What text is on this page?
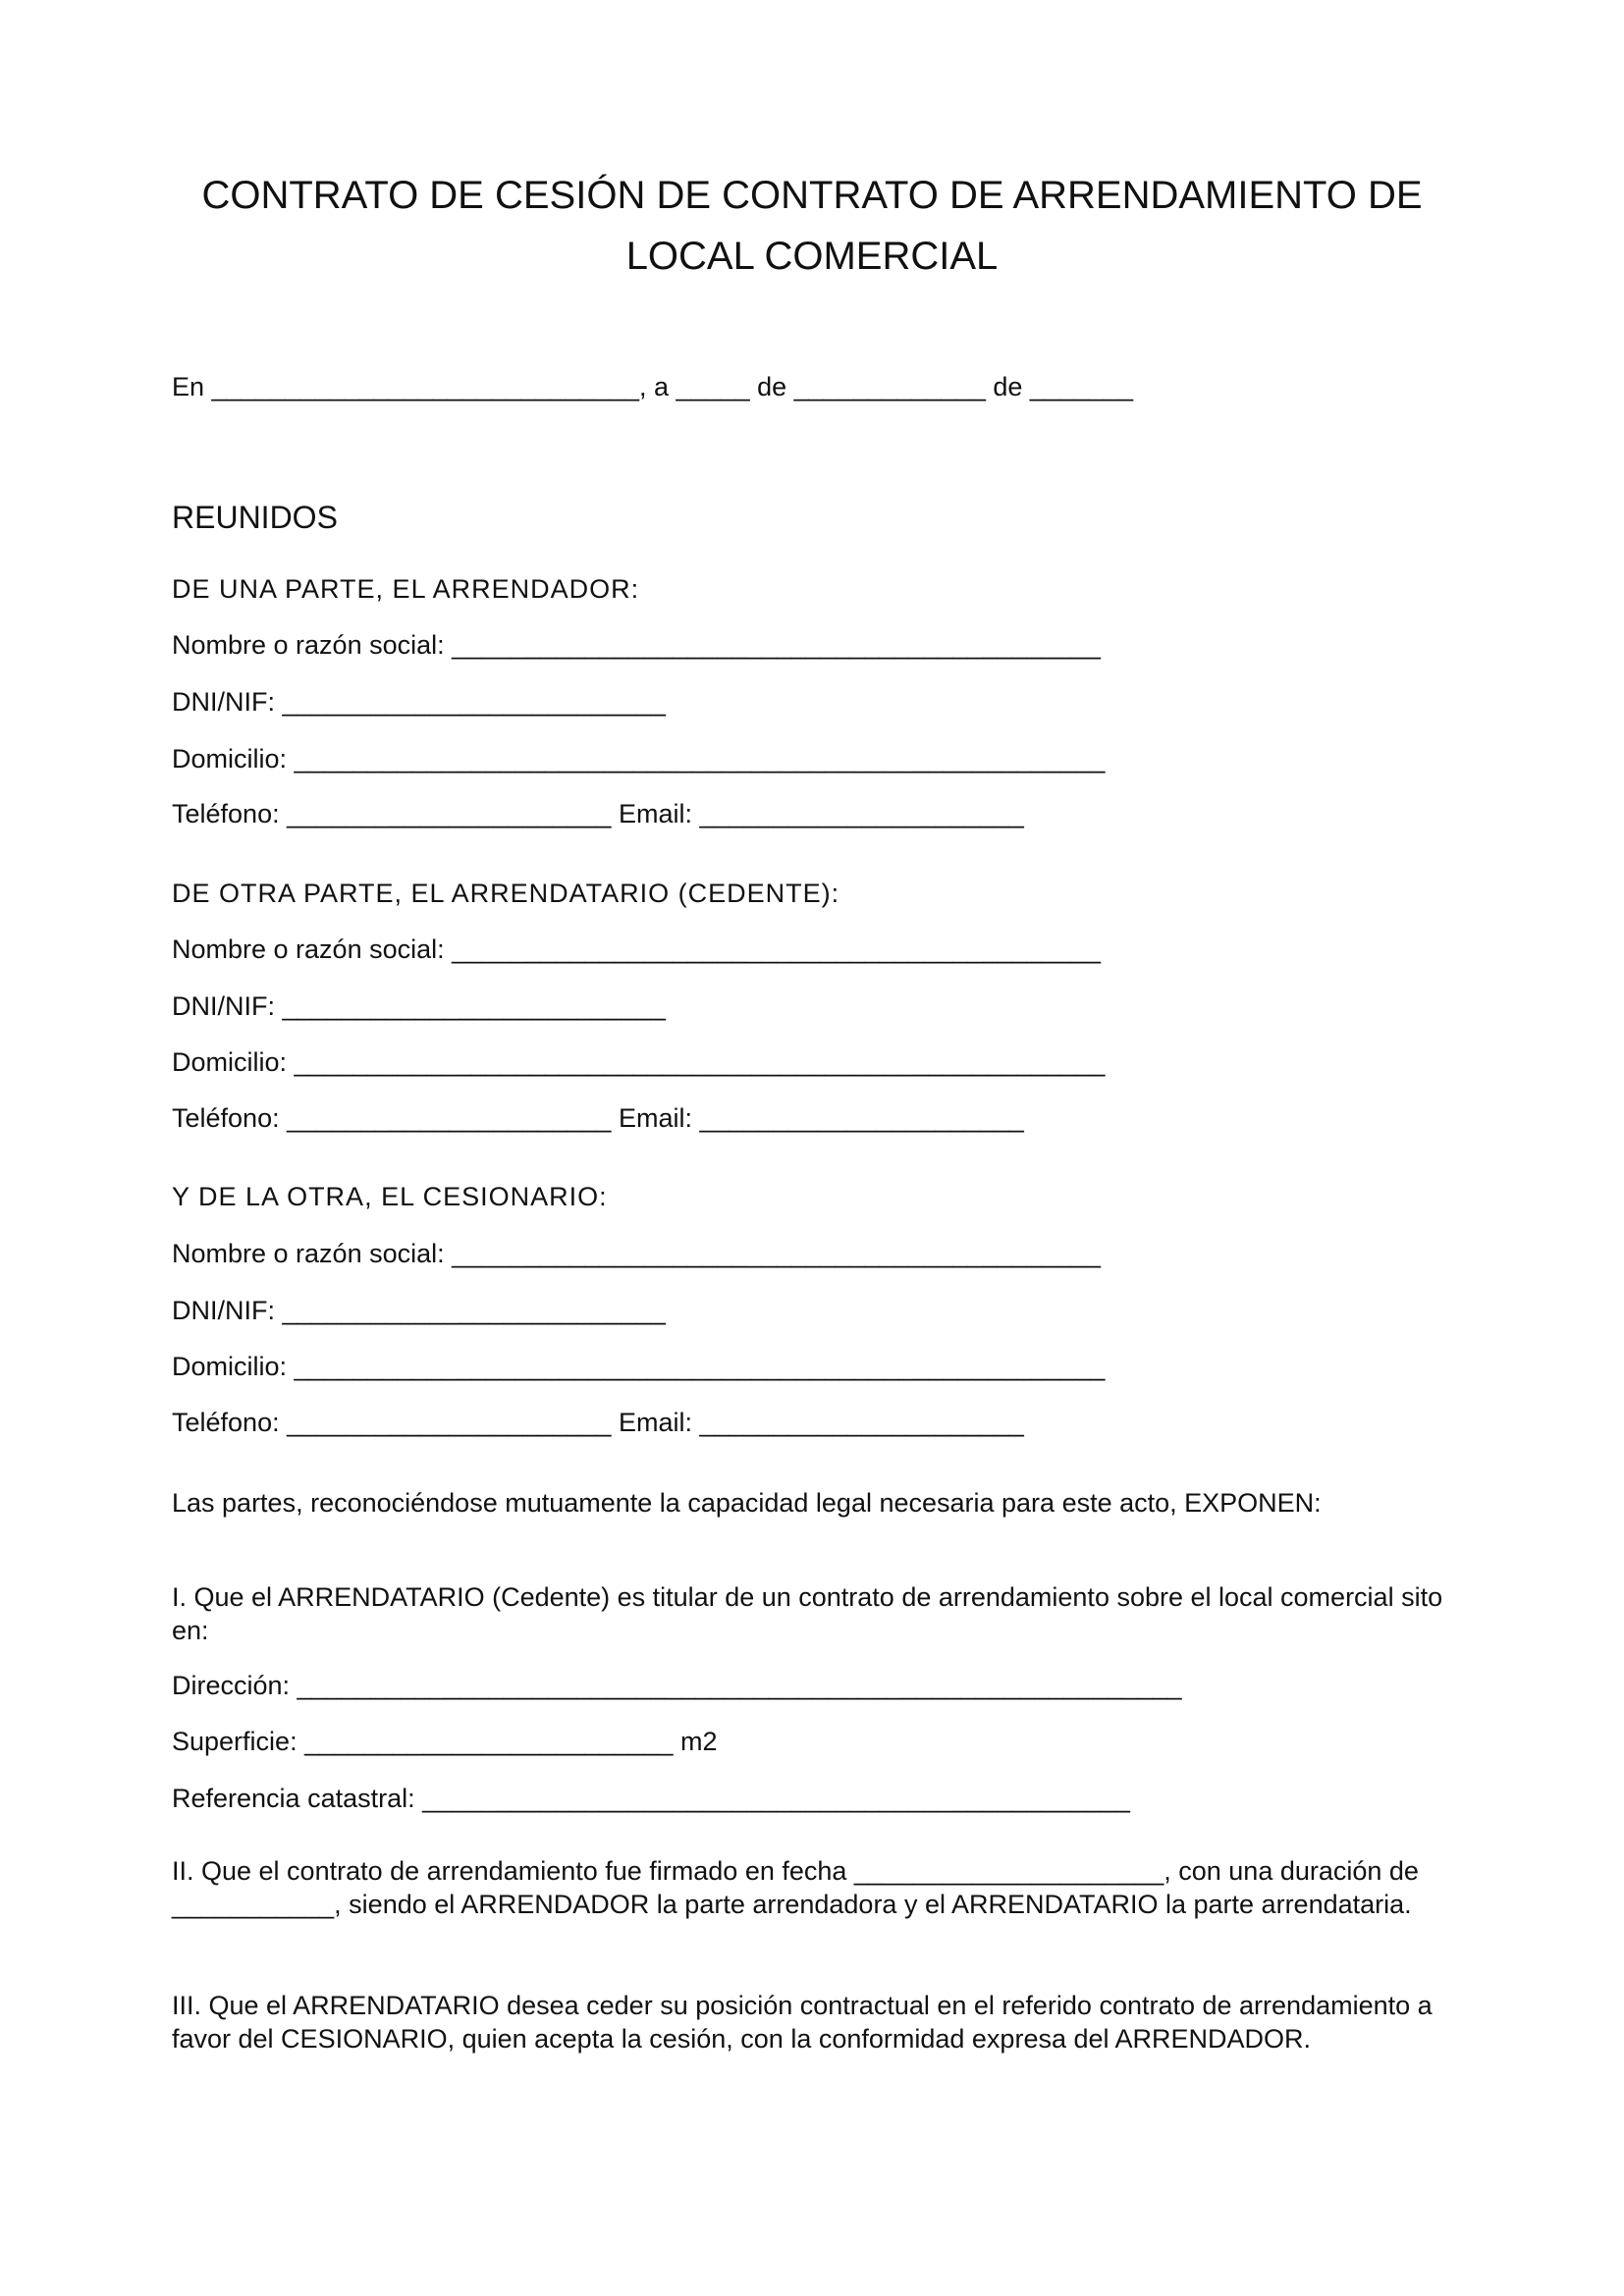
CONTRATO DE CESIÓN DE CONTRATO DE ARRENDAMIENTO DE
LOCAL COMERCIAL

En _____________________________, a _____ de _____________ de _______

REUNIDOS

DE UNA PARTE, EL ARRENDADOR:

Nombre o razón social: ____________________________________________

DNI/NIF: __________________________

Domicilio: _______________________________________________________

Teléfono: ______________________ Email: ______________________

DE OTRA PARTE, EL ARRENDATARIO (CEDENTE):

Nombre o razón social: ____________________________________________

DNI/NIF: __________________________

Domicilio: _______________________________________________________

Teléfono: ______________________ Email: ______________________

Y DE LA OTRA, EL CESIONARIO:

Nombre o razón social: ____________________________________________

DNI/NIF: __________________________

Domicilio: _______________________________________________________

Teléfono: ______________________ Email: ______________________

Las partes, reconociéndose mutuamente la capacidad legal necesaria para este acto, EXPONEN:

I. Que el ARRENDATARIO (Cedente) es titular de un contrato de arrendamiento sobre el local comercial sito en:

Dirección: ____________________________________________________________

Superficie: _________________________ m2

Referencia catastral: ________________________________________________

II. Que el contrato de arrendamiento fue firmado en fecha _____________________, con una duración de ___________, siendo el ARRENDADOR la parte arrendadora y el ARRENDATARIO la parte arrendataria.

III. Que el ARRENDATARIO desea ceder su posición contractual en el referido contrato de arrendamiento a favor del CESIONARIO, quien acepta la cesión, con la conformidad expresa del ARRENDADOR.
